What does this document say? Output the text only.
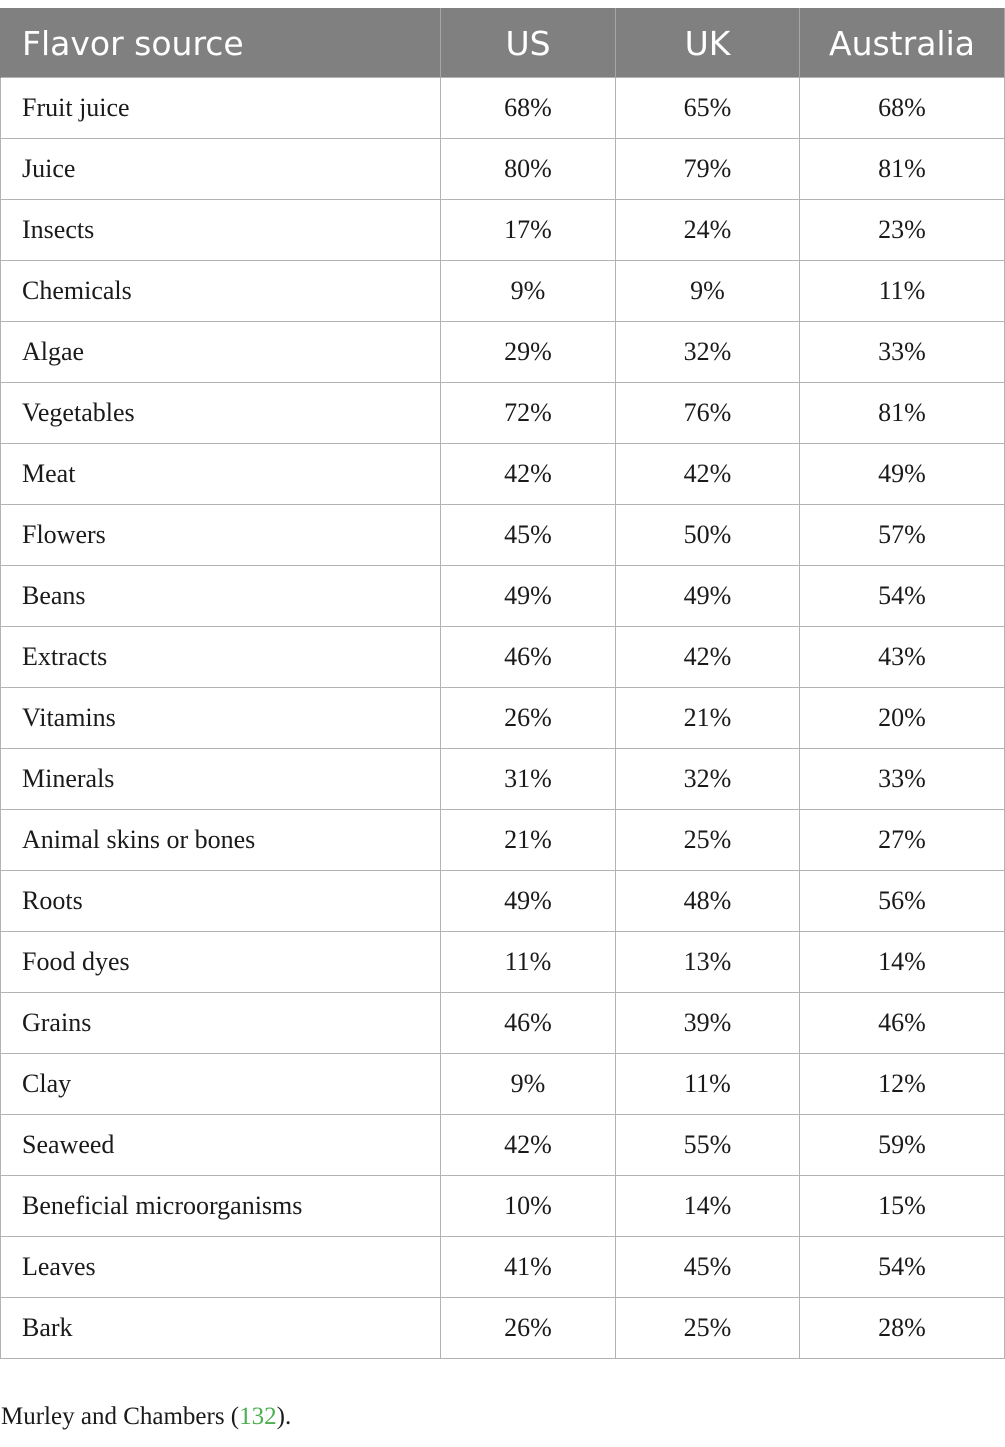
Flavor source	US	UK	Australia
Fruit juice	68%	65%	68%
Juice	80%	79%	81%
Insects	17%	24%	23%
Chemicals	9%	9%	11%
Algae	29%	32%	33%
Vegetables	72%	76%	81%
Meat	42%	42%	49%
Flowers	45%	50%	57%
Beans	49%	49%	54%
Extracts	46%	42%	43%
Vitamins	26%	21%	20%
Minerals	31%	32%	33%
Animal skins or bones	21%	25%	27%
Roots	49%	48%	56%
Food dyes	11%	13%	14%
Grains	46%	39%	46%
Clay	9%	11%	12%
Seaweed	42%	55%	59%
Beneficial microorganisms	10%	14%	15%
Leaves	41%	45%	54%
Bark	26%	25%	28%
Murley and Chambers (132).
